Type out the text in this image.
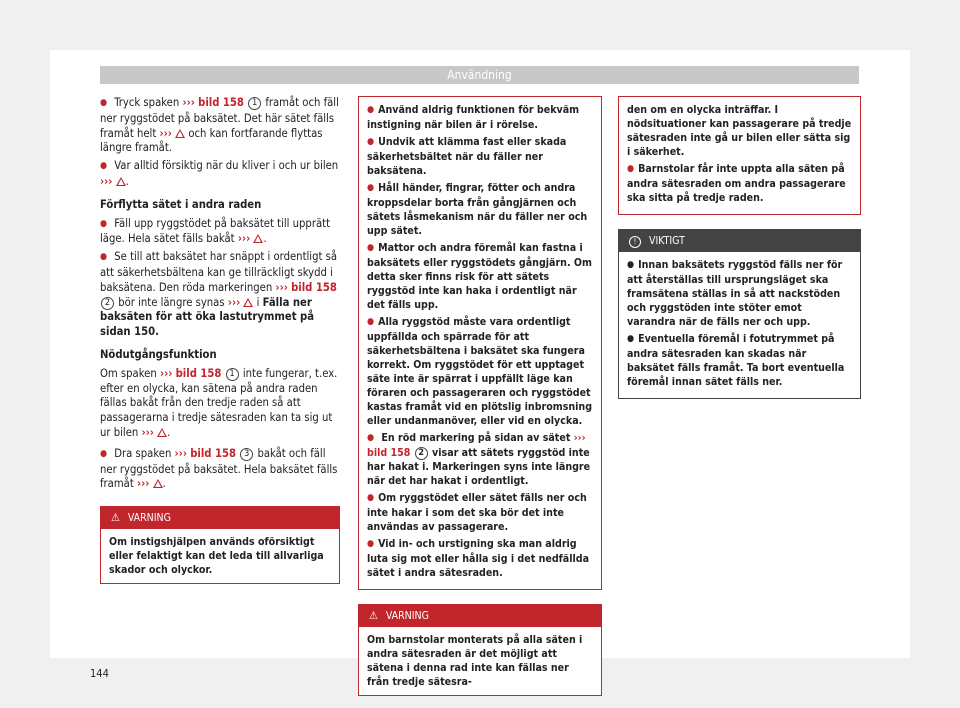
Användning

● Tryck spaken ››› bild 158 1 framåt och fäll ner ryggstödet på baksätet. Det här sätet fälls framåt helt ››› och kan fortfarande flyttas längre framåt.

● Var alltid försiktig när du kliver i och ur bilen ››› .

Förflytta sätet i andra raden

● Fäll upp ryggstödet på baksätet till upprätt läge. Hela sätet fälls bakåt ››› .

● Se till att baksätet har snäppt i ordentligt så att säkerhetsbältena kan ge tillräckligt skydd i baksätena. Den röda markeringen ››› bild 158 2 bör inte längre synas ››› i Fälla ner baksäten för att öka lastutrymmet på sidan 150.

Nödutgångsfunktion

Om spaken ››› bild 158 1 inte fungerar, t.ex. efter en olycka, kan sätena på andra raden fällas bakåt från den tredje raden så att passagerarna i tredje sätesraden kan ta sig ut ur bilen ››› .

● Dra spaken ››› bild 158 3 bakåt och fäll ner ryggstödet på baksätet. Hela baksätet fälls framåt ››› .

⚠ VARNING
Om instigshjälpen används oförsiktigt eller felaktigt kan det leda till allvarliga skador och olyckor.

● Använd aldrig funktionen för bekväm instigning när bilen är i rörelse.

● Undvik att klämma fast eller skada säkerhetsbältet när du fäller ner baksätena.

● Håll händer, fingrar, fötter och andra kroppsdelar borta från gångjärnen och sätets låsmekanism när du fäller ner och upp sätet.

● Mattor och andra föremål kan fastna i baksätets eller ryggstödets gångjärn. Om detta sker finns risk för att sätets ryggstöd inte kan haka i ordentligt när det fälls upp.

● Alla ryggstöd måste vara ordentligt uppfällda och spärrade för att säkerhetsbältena i baksätet ska fungera korrekt. Om ryggstödet för ett upptaget säte inte är spärrat i uppfällt läge kan föraren och passageraren och ryggstödet kastas framåt vid en plötslig inbromsning eller undanmanöver, eller vid en olycka.

● En röd markering på sidan av sätet ››› bild 158 2 visar att sätets ryggstöd inte har hakat i. Markeringen syns inte längre när det har hakat i ordentligt.

● Om ryggstödet eller sätet fälls ner och inte hakar i som det ska bör det inte användas av passagerare.

● Vid in- och urstigning ska man aldrig luta sig mot eller hålla sig i det nedfällda sätet i andra sätesraden.

⚠ VARNING
Om barnstolar monterats på alla säten i andra sätesraden är det möjligt att sätena i denna rad inte kan fällas ner från tredje sätesra-

den om en olycka inträffar. I nödsituationer kan passagerare på tredje sätesraden inte gå ur bilen eller sätta sig i säkerhet.

● Barnstolar får inte uppta alla säten på andra sätesraden om andra passagerare ska sitta på tredje raden.

! VIKTIGT

● Innan baksätets ryggstöd fälls ner för att återställas till ursprungsläget ska framsätena ställas in så att nackstöden och ryggstöden inte stöter emot varandra när de fälls ner och upp.

● Eventuella föremål i fotutrymmet på andra sätesraden kan skadas när baksätet fälls framåt. Ta bort eventuella föremål innan sätet fälls ner.

144
